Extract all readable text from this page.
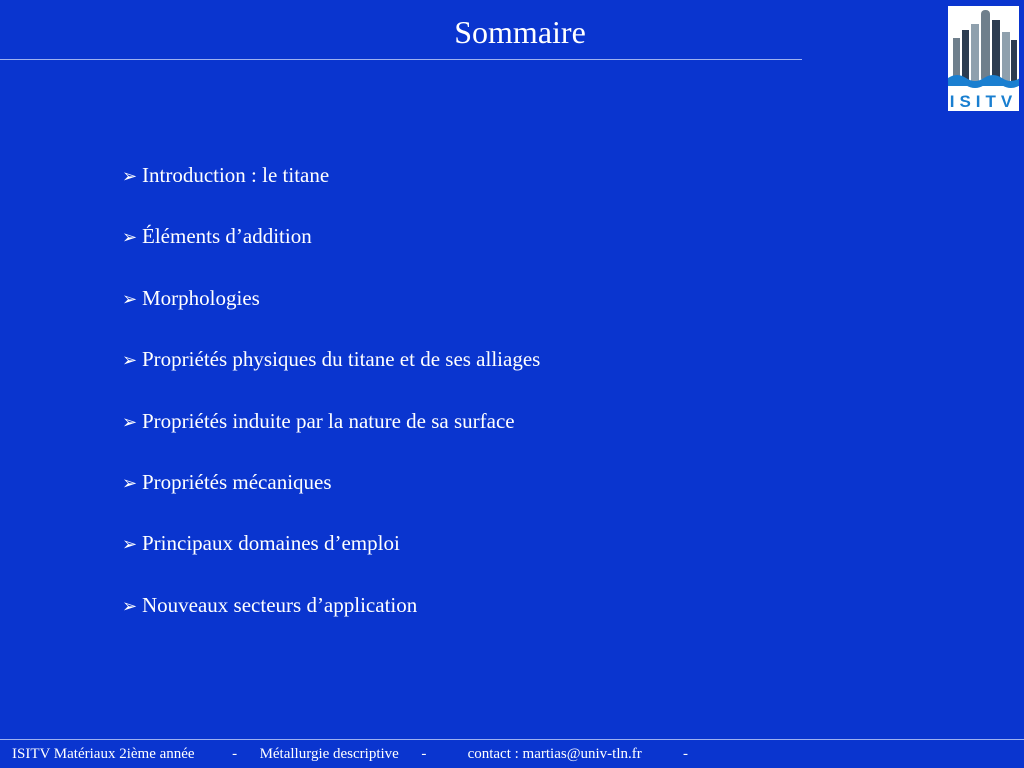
Sommaire
ISITV
➢ Introduction : le titane
➢ Éléments d’addition
➢ Morphologies
➢ Propriétés physiques du titane et de ses alliages
➢ Propriétés induite par la nature de sa surface
➢ Propriétés mécaniques
➢ Principaux domaines d’emploi
➢ Nouveaux secteurs d’application
ISITV Matériaux 2ième année          -      Métallurgie descriptive      -           contact : martias@univ-tln.fr           -
